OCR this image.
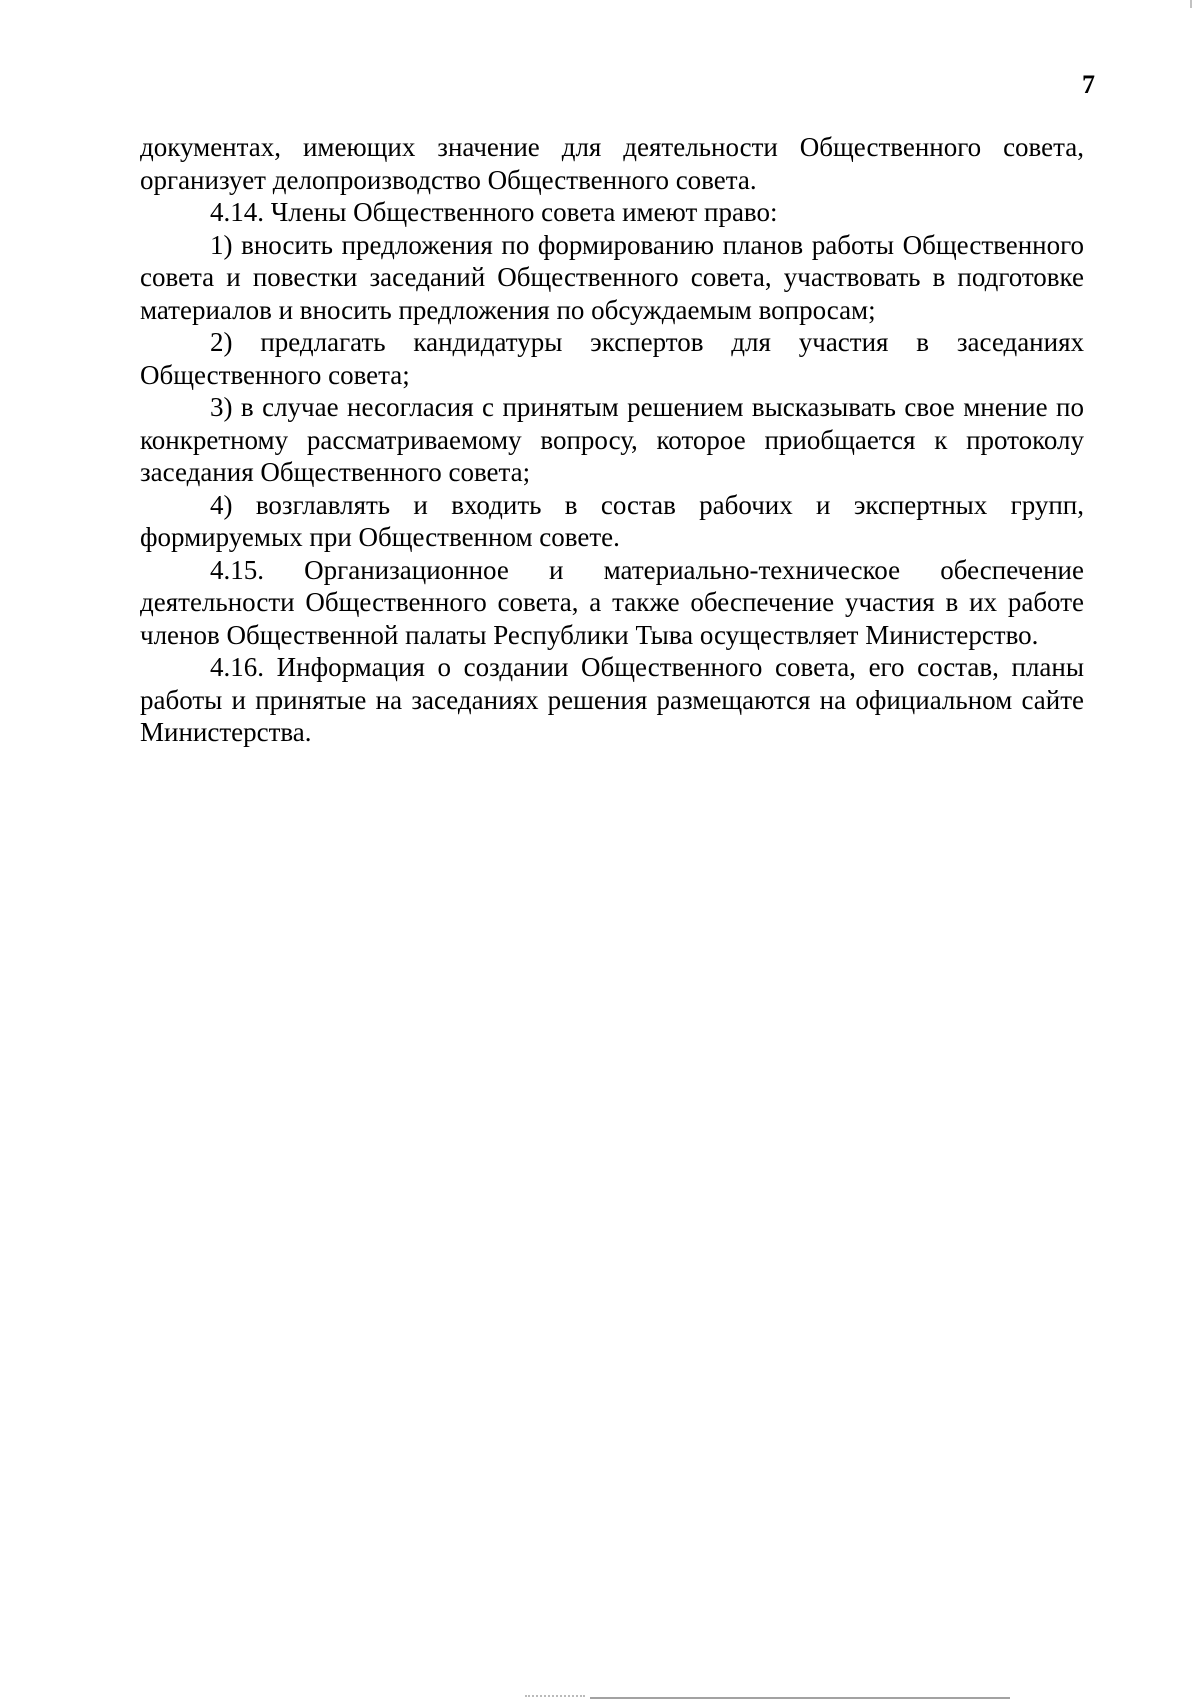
7

документах, имеющих значение для деятельности Общественного совета, организует делопроизводство Общественного совета.

4.14. Члены Общественного совета имеют право:

1) вносить предложения по формированию планов работы Общественного совета и повестки заседаний Общественного совета, участвовать в подготовке материалов и вносить предложения по обсуждаемым вопросам;

2) предлагать кандидатуры экспертов для участия в заседаниях Общественного совета;

3) в случае несогласия с принятым решением высказывать свое мнение по конкретному рассматриваемому вопросу, которое приобщается к протоколу заседания Общественного совета;

4) возглавлять и входить в состав рабочих и экспертных групп, формируемых при Общественном совете.

4.15. Организационное и материально-техническое обеспечение деятельности Общественного совета, а также обеспечение участия в их работе членов Общественной палаты Республики Тыва осуществляет Министерство.

4.16. Информация о создании Общественного совета, его состав, планы работы и принятые на заседаниях решения размещаются на официальном сайте Министерства.
